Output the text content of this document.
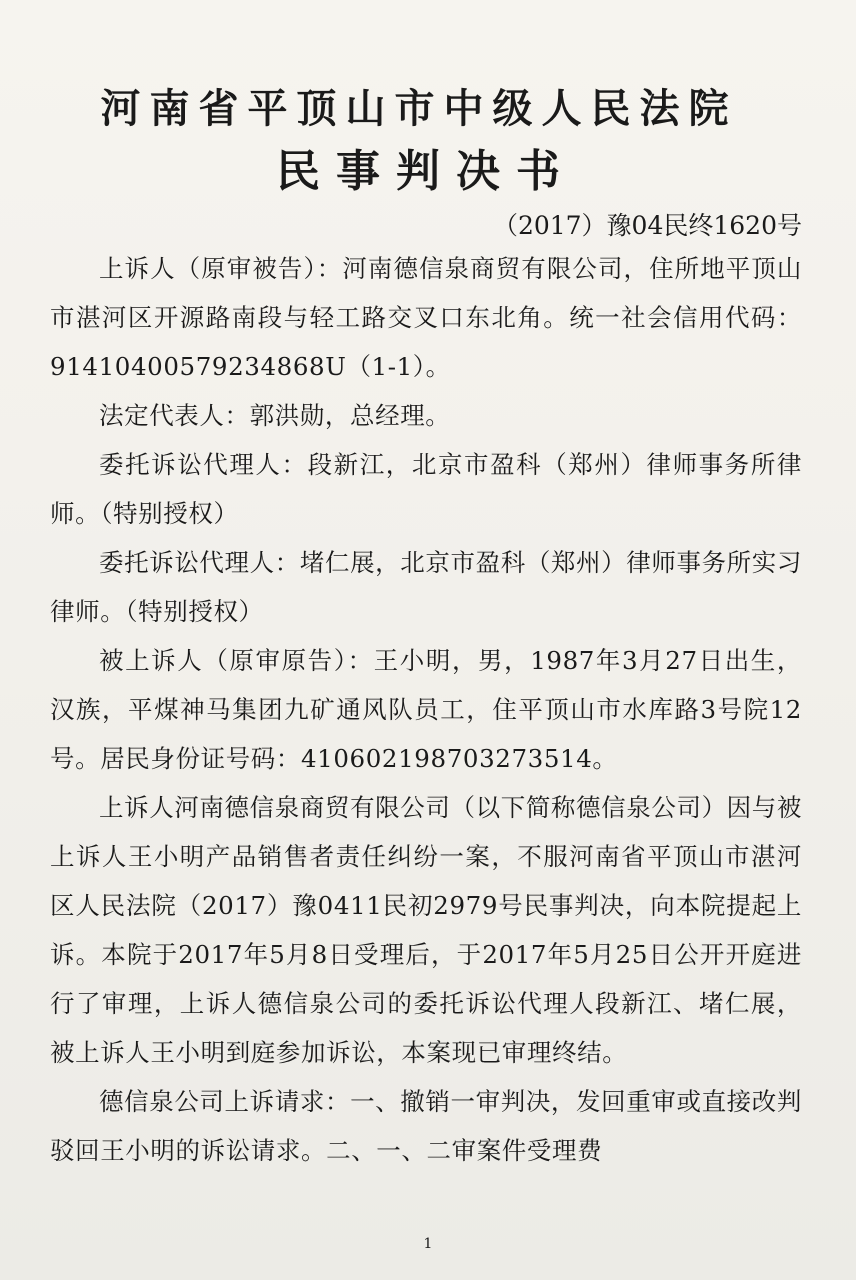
河南省平顶山市中级人民法院
民事判决书
（2017）豫04民终1620号

上诉人（原审被告）：河南德信泉商贸有限公司，住所地平顶山市湛河区开源路南段与轻工路交叉口东北角。统一社会信用代码：91410400579234868U（1-1）。

法定代表人：郭洪勋，总经理。

委托诉讼代理人：段新江，北京市盈科（郑州）律师事务所律师。（特别授权）

委托诉讼代理人：堵仁展，北京市盈科（郑州）律师事务所实习律师。（特别授权）

被上诉人（原审原告）：王小明，男，1987年3月27日出生，汉族，平煤神马集团九矿通风队员工，住平顶山市水库路3号院12号。居民身份证号码：410602198703273514。

上诉人河南德信泉商贸有限公司（以下简称德信泉公司）因与被上诉人王小明产品销售者责任纠纷一案，不服河南省平顶山市湛河区人民法院（2017）豫0411民初2979号民事判决，向本院提起上诉。本院于2017年5月8日受理后，于2017年5月25日公开开庭进行了审理，上诉人德信泉公司的委托诉讼代理人段新江、堵仁展，被上诉人王小明到庭参加诉讼，本案现已审理终结。

德信泉公司上诉请求：一、撤销一审判决，发回重审或直接改判驳回王小明的诉讼请求。二、一、二审案件受理费

1
